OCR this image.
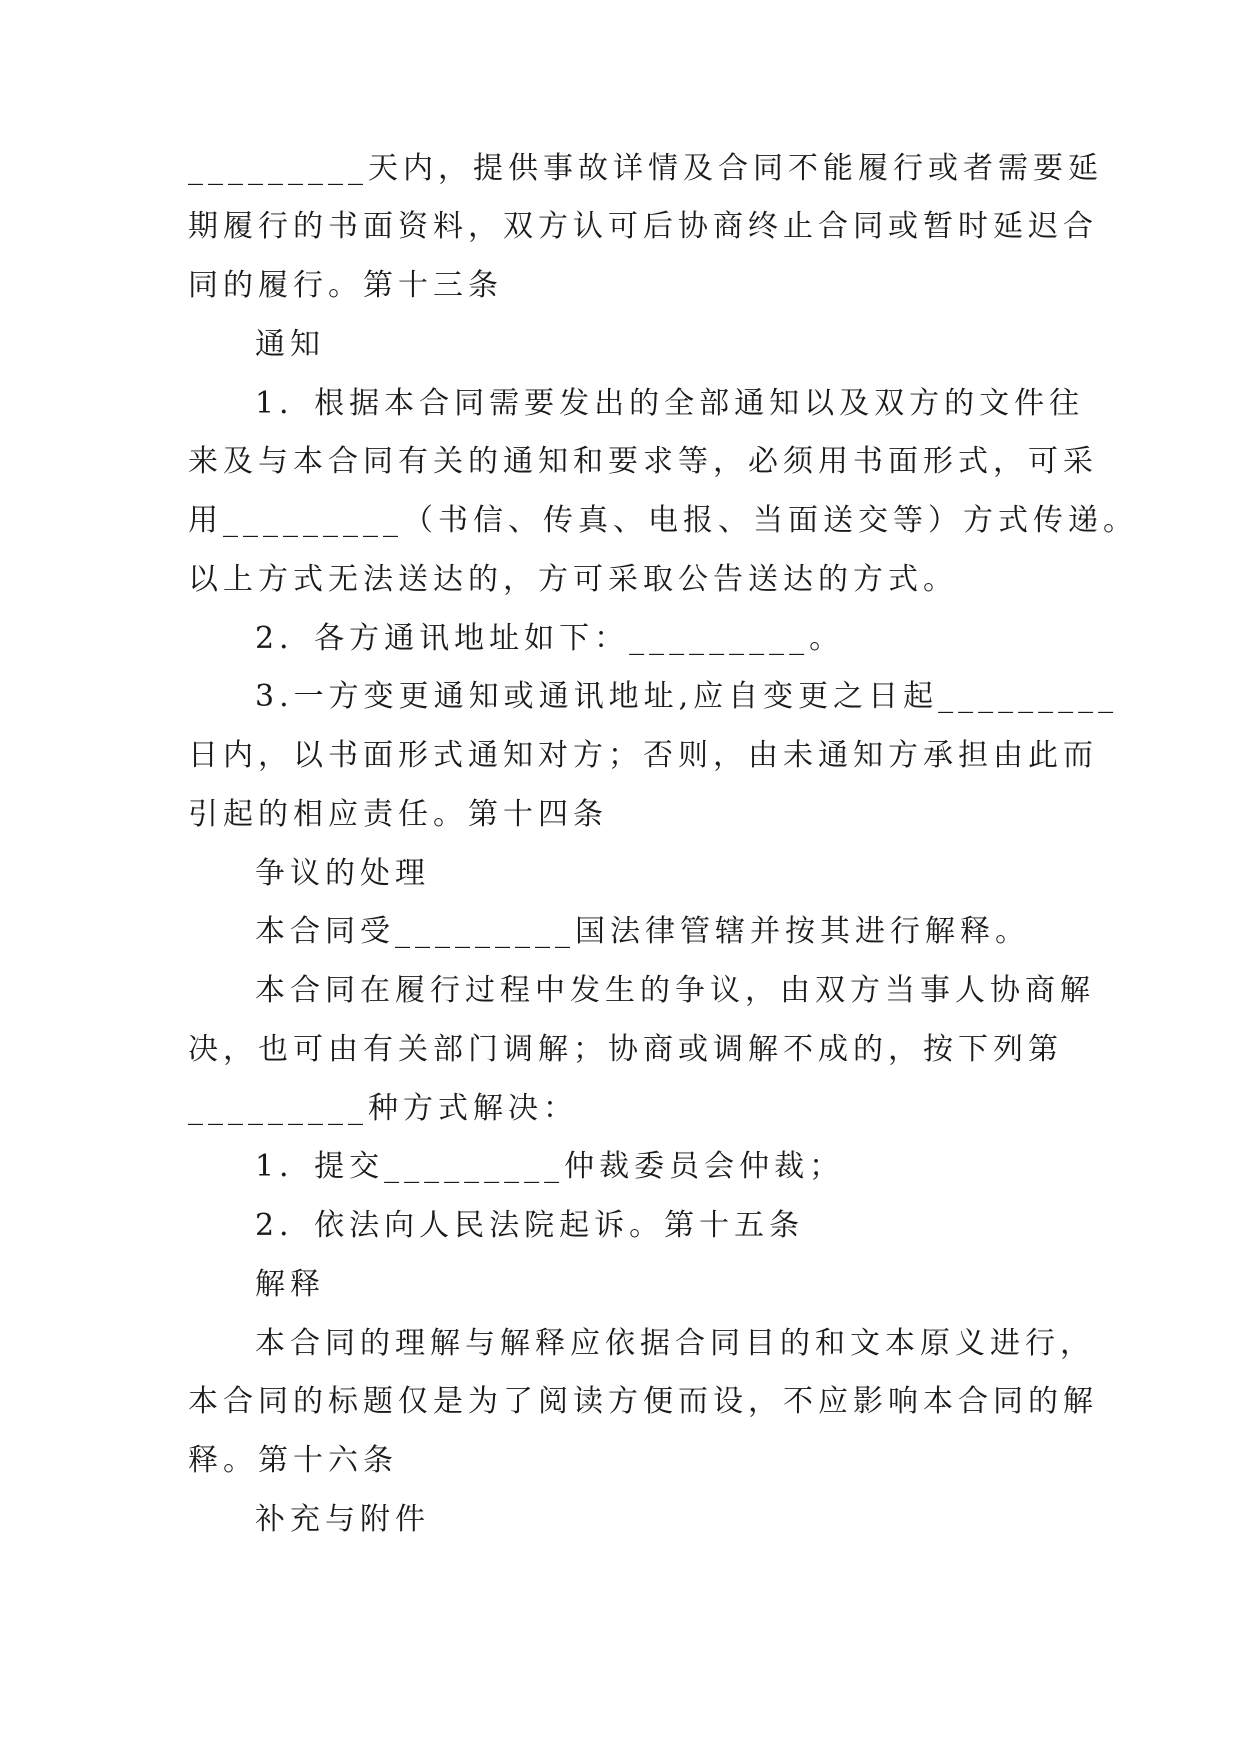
_________天内，提供事故详情及合同不能履行或者需要延
期履行的书面资料，双方认可后协商终止合同或暂时延迟合
同的履行。第十三条
通知
1．根据本合同需要发出的全部通知以及双方的文件往
来及与本合同有关的通知和要求等，必须用书面形式，可采
用_________（书信、传真、电报、当面送交等）方式传递。
以上方式无法送达的，方可采取公告送达的方式。
2．各方通讯地址如下：_________。
3.一方变更通知或通讯地址,应自变更之日起_________
日内，以书面形式通知对方；否则，由未通知方承担由此而
引起的相应责任。第十四条
争议的处理
本合同受_________国法律管辖并按其进行解释。
本合同在履行过程中发生的争议，由双方当事人协商解
决，也可由有关部门调解；协商或调解不成的，按下列第
_________种方式解决：
1．提交_________仲裁委员会仲裁；
2．依法向人民法院起诉。第十五条
解释
本合同的理解与解释应依据合同目的和文本原义进行，
本合同的标题仅是为了阅读方便而设，不应影响本合同的解
释。第十六条
补充与附件
